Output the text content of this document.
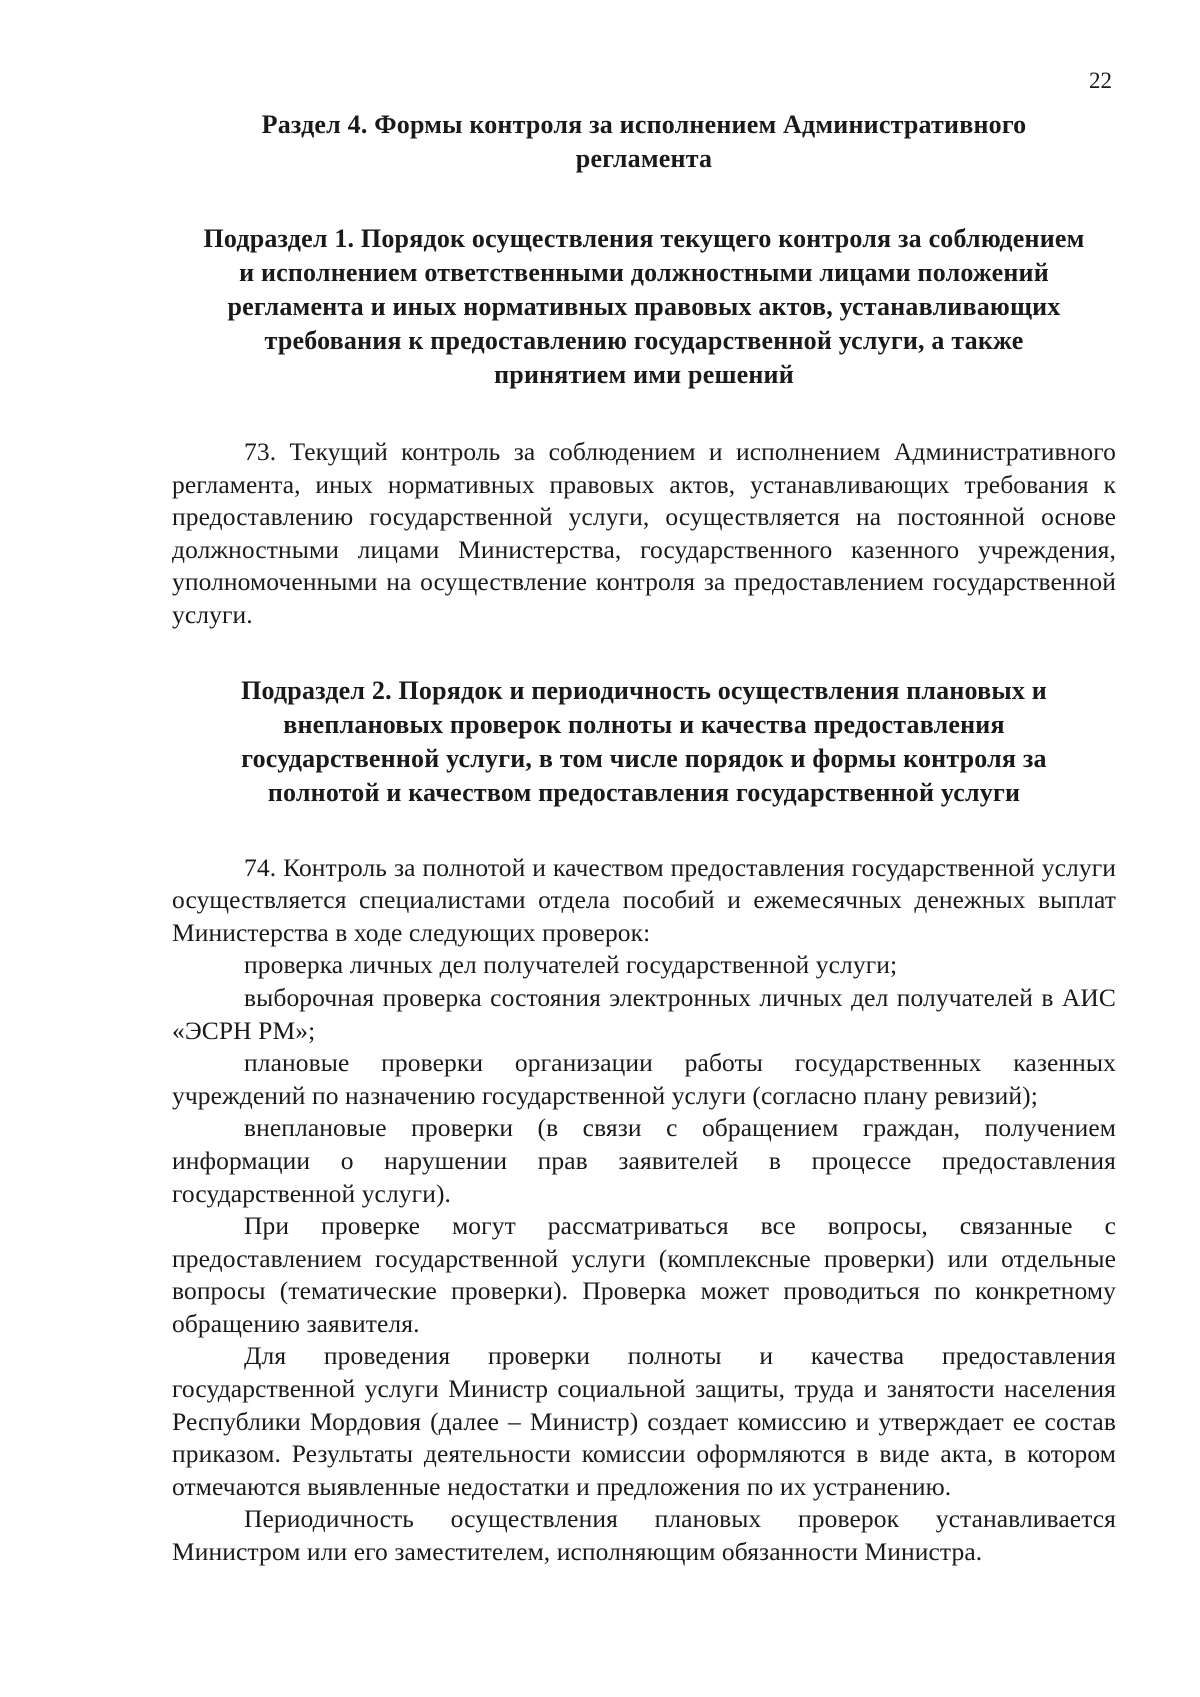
22

Раздел 4. Формы контроля за исполнением Административного регламента

Подраздел 1. Порядок осуществления текущего контроля за соблюдением и исполнением ответственными должностными лицами положений регламента и иных нормативных правовых актов, устанавливающих требования к предоставлению государственной услуги, а также принятием ими решений

73. Текущий контроль за соблюдением и исполнением Административного регламента, иных нормативных правовых актов, устанавливающих требования к предоставлению государственной услуги, осуществляется на постоянной основе должностными лицами Министерства, государственного казенного учреждения, уполномоченными на осуществление контроля за предоставлением государственной услуги.

Подраздел 2. Порядок и периодичность осуществления плановых и внеплановых проверок полноты и качества предоставления государственной услуги, в том числе порядок и формы контроля за полнотой и качеством предоставления государственной услуги

74. Контроль за полнотой и качеством предоставления государственной услуги осуществляется специалистами отдела пособий и ежемесячных денежных выплат Министерства в ходе следующих проверок:

проверка личных дел получателей государственной услуги;

выборочная проверка состояния электронных личных дел получателей в АИС «ЭСРН РМ»;

плановые проверки организации работы государственных казенных учреждений по назначению государственной услуги (согласно плану ревизий);

внеплановые проверки (в связи с обращением граждан, получением информации о нарушении прав заявителей в процессе предоставления государственной услуги).

При проверке могут рассматриваться все вопросы, связанные с предоставлением государственной услуги (комплексные проверки) или отдельные вопросы (тематические проверки). Проверка может проводиться по конкретному обращению заявителя.

Для проведения проверки полноты и качества предоставления государственной услуги Министр социальной защиты, труда и занятости населения Республики Мордовия (далее – Министр) создает комиссию и утверждает ее состав приказом. Результаты деятельности комиссии оформляются в виде акта, в котором отмечаются выявленные недостатки и предложения по их устранению.

Периодичность осуществления плановых проверок устанавливается Министром или его заместителем, исполняющим обязанности Министра.
